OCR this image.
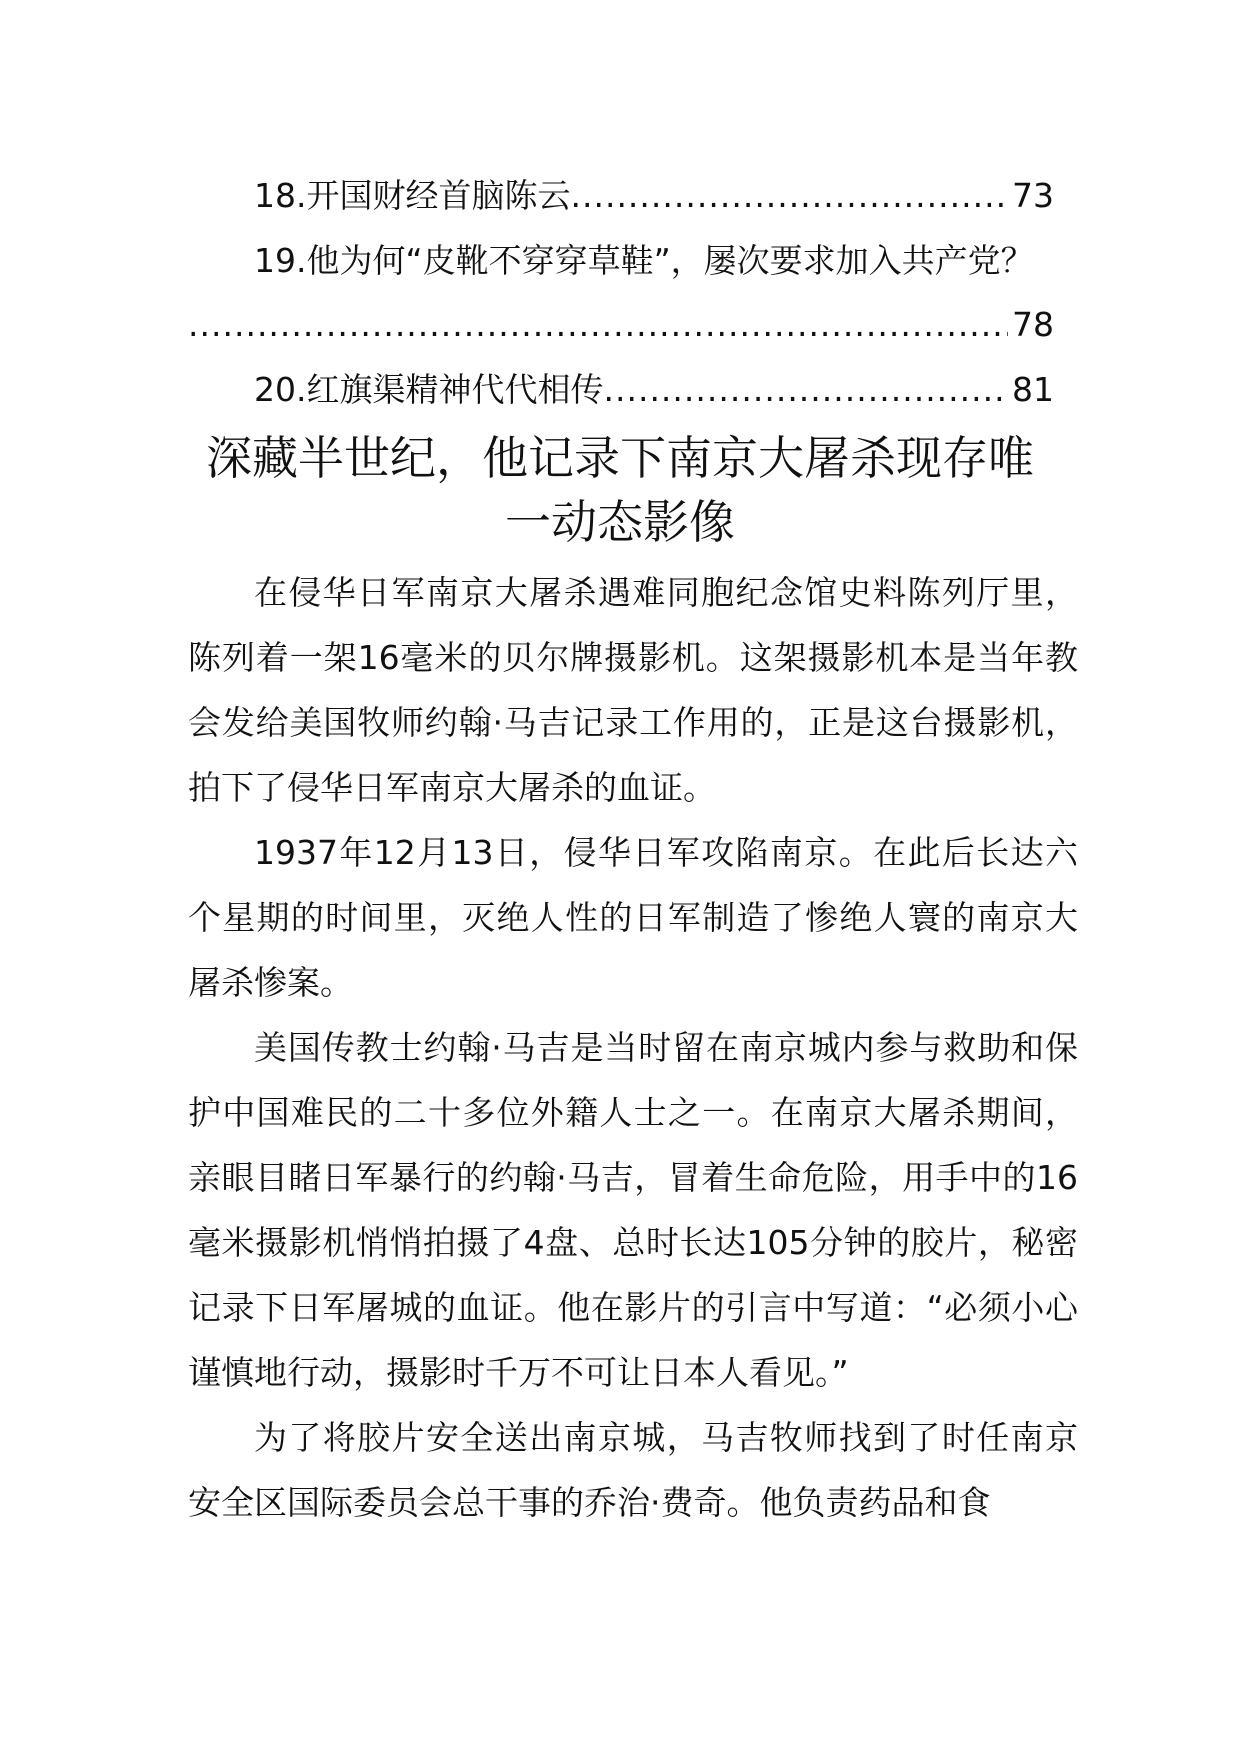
18.开国财经首脑陈云 .....	73
19.他为何“皮靴不穿穿草鞋”，屡次要求加入共产党？
.....
78
20.红旗渠精神代代相传 .....	81
深藏半世纪，他记录下南京大屠杀现存唯
一动态影像

在侵华日军南京大屠杀遇难同胞纪念馆史料陈列厅里，陈列着一架16毫米的贝尔牌摄影机。这架摄影机本是当年教会发给美国牧师约翰·马吉记录工作用的，正是这台摄影机，拍下了侵华日军南京大屠杀的血证。

1937年12月13日，侵华日军攻陷南京。在此后长达六个星期的时间里，灭绝人性的日军制造了惨绝人寰的南京大屠杀惨案。

美国传教士约翰·马吉是当时留在南京城内参与救助和保护中国难民的二十多位外籍人士之一。在南京大屠杀期间，亲眼目睹日军暴行的约翰·马吉，冒着生命危险，用手中的16毫米摄影机悄悄拍摄了4盘、总时长达105分钟的胶片，秘密记录下日军屠城的血证。他在影片的引言中写道：“必须小心谨慎地行动，摄影时千万不可让日本人看见。”

为了将胶片安全送出南京城，马吉牧师找到了时任南京安全区国际委员会总干事的乔治·费奇。他负责药品和食
